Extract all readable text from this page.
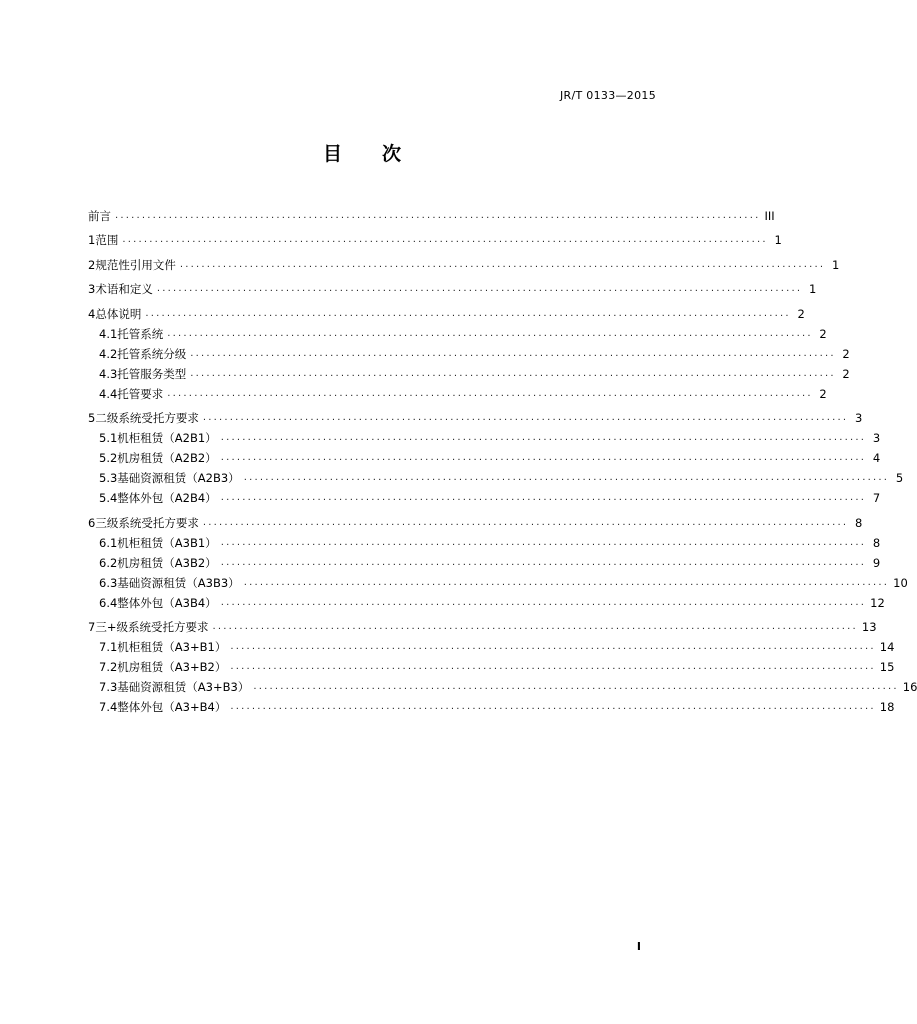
JR/T 0133—2015
目 次
前 言 ........................................................................................................................ III
1 范围 ........................................................................................................................ 1
2 规范性引用文件 ........................................................................................................................ 1
3 术语和定义 ........................................................................................................................ 1
4 总体说明 ........................................................................................................................ 2
4.1 托管系统 ........................................................................................................................ 2
4.2 托管系统分级 ........................................................................................................................ 2
4.3 托管服务类型 ........................................................................................................................ 2
4.4 托管要求 ........................................................................................................................ 2
5 二级系统受托方要求 ........................................................................................................................ 3
5.1 机柜租赁（A2B1） ........................................................................................................................ 3
5.2 机房租赁（A2B2） ........................................................................................................................ 4
5.3 基础资源租赁（A2B3） ........................................................................................................................ 5
5.4 整体外包（A2B4） ........................................................................................................................ 7
6 三级系统受托方要求 ........................................................................................................................ 8
6.1 机柜租赁（A3B1） ........................................................................................................................ 8
6.2 机房租赁（A3B2） ........................................................................................................................ 9
6.3 基础资源租赁（A3B3） ........................................................................................................................ 10
6.4 整体外包（A3B4） ........................................................................................................................ 12
7 三+级系统受托方要求 ........................................................................................................................ 13
7.1 机柜租赁（A3+B1） ........................................................................................................................ 14
7.2 机房租赁（A3+B2） ........................................................................................................................ 15
7.3 基础资源租赁（A3+B3） ........................................................................................................................ 16
7.4 整体外包（A3+B4） ........................................................................................................................ 18
I
